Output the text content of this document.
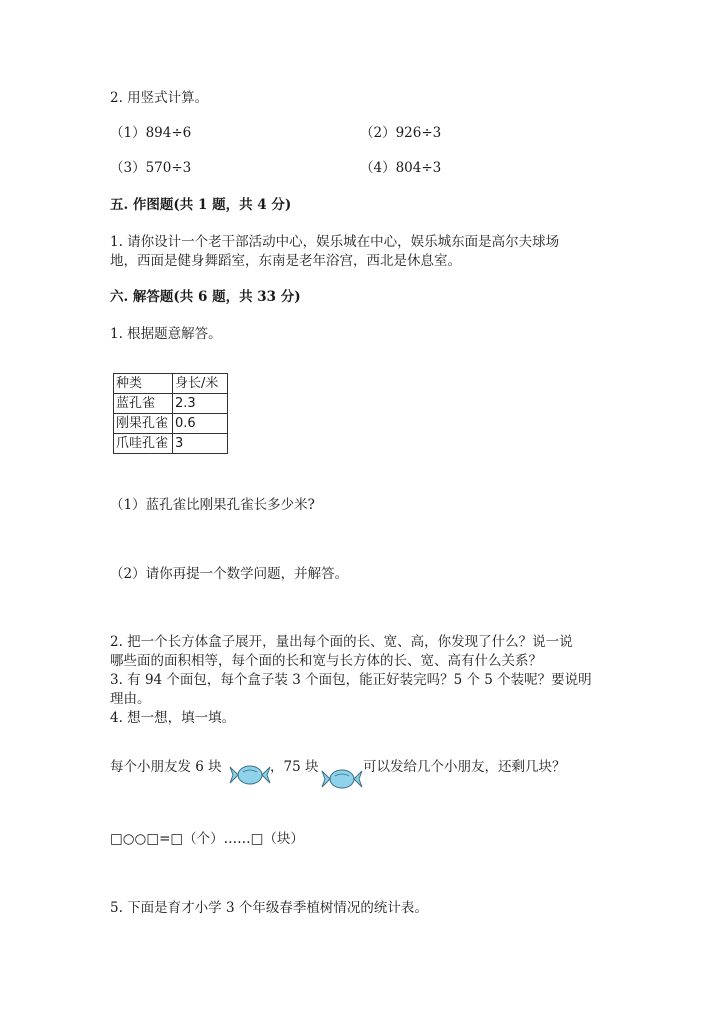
2. 用竖式计算。
（1）894÷6	（2）926÷3
（3）570÷3	（4）804÷3
五. 作图题(共 1 题，共 4 分)
1. 请你设计一个老干部活动中心，娱乐城在中心，娱乐城东面是高尔夫球场
地，西面是健身舞蹈室，东南是老年浴宫，西北是休息室。
六. 解答题(共 6 题，共 33 分)
1. 根据题意解答。
种类	身长/米
蓝孔雀	2.3
刚果孔雀	0.6
爪哇孔雀	3
（1）蓝孔雀比刚果孔雀长多少米?
（2）请你再提一个数学问题，并解答。
2. 把一个长方体盒子展开，量出每个面的长、宽、高，你发现了什么？说一说
哪些面的面积相等，每个面的长和宽与长方体的长、宽、高有什么关系？
3. 有 94 个面包，每个盒子装 3 个面包，能正好装完吗？5 个 5 个装呢？要说明
理由。
4. 想一想，填一填。
每个小朋友发 6 块	，75 块	可以发给几个小朋友，还剩几块？
□○○□=□（个）……□（块）
5. 下面是育才小学 3 个年级春季植树情况的统计表。
